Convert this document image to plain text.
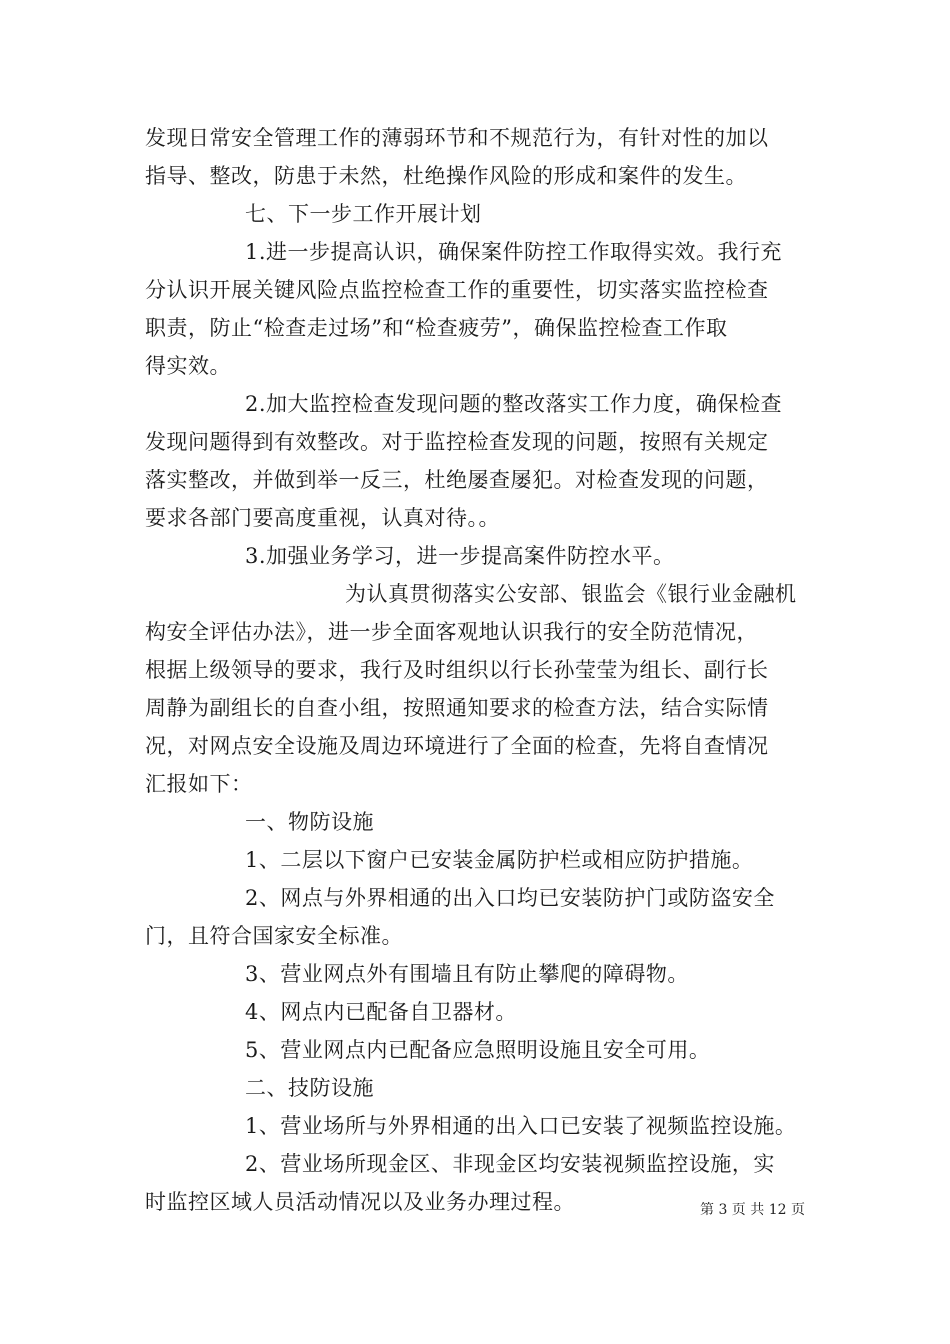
发现日常安全管理工作的薄弱环节和不规范行为，有针对性的加以
指导、整改，防患于未然，杜绝操作风险的形成和案件的发生。
七、下一步工作开展计划
1.进一步提高认识，确保案件防控工作取得实效。我行充
分认识开展关键风险点监控检查工作的重要性，切实落实监控检查
职责，防止“检查走过场”和“检查疲劳”，确保监控检查工作取
得实效。
2.加大监控检查发现问题的整改落实工作力度，确保检查
发现问题得到有效整改。对于监控检查发现的问题，按照有关规定
落实整改，并做到举一反三，杜绝屡查屡犯。对检查发现的问题，
要求各部门要高度重视，认真对待。。
3.加强业务学习，进一步提高案件防控水平。
为认真贯彻落实公安部、银监会《银行业金融机
构安全评估办法》，进一步全面客观地认识我行的安全防范情况，
根据上级领导的要求，我行及时组织以行长孙莹莹为组长、副行长
周静为副组长的自查小组，按照通知要求的检查方法，结合实际情
况，对网点安全设施及周边环境进行了全面的检查，先将自查情况
汇报如下：
一、物防设施
1、二层以下窗户已安装金属防护栏或相应防护措施。
2、网点与外界相通的出入口均已安装防护门或防盗安全
门，且符合国家安全标准。
3、营业网点外有围墙且有防止攀爬的障碍物。
4、网点内已配备自卫器材。
5、营业网点内已配备应急照明设施且安全可用。
二、技防设施
1、营业场所与外界相通的出入口已安装了视频监控设施。
2、营业场所现金区、非现金区均安装视频监控设施，实
时监控区域人员活动情况以及业务办理过程。	第 3 页 共 12 页
